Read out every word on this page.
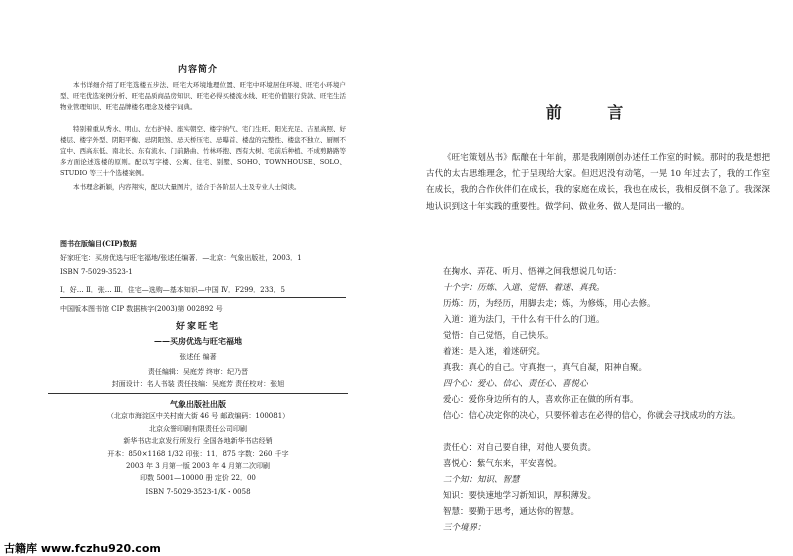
内容简介

本书详细介绍了旺宅选楼五步法、旺宅大环境地理位置、旺宅中环境居住环境、旺宅小环境户型、旺宅优选案例分析、旺宅品质商品房知识、旺宅必得买楼流水线、旺宅价值银行贷款、旺宅生活物业管理知识、旺宅品牌楼名理念及楼宇词典。

特别着重从秀水、明山、左右护持、座实朝空、楼宇纳气、宅门生旺、阳光充足、吉星高照、好楼层、楼宇外型、阴阳平衡、忌阴阳煞、忌天桥压宅、忌曝首、楼盘的完整性、楼盘不独立、厨厕不宜中、西高东低、南北长、东有流水、门前路曲、竹林环抱、西有大树、宅前后种植、不成剪路路等多方面论述选楼的原则。配以写字楼、公寓、住宅、别墅、SOHO、TOWNHOUSE、SOLO、STUDIO 等三十个选楼案例。

本书理念新颖，内容翔实，配以大量图片，适合于各阶层人士及专业人士阅读。

图书在版编目(CIP)数据
好家旺宅：买房优选与旺宅福地/张述任编著．—北京：气象出版社，2003．1
ISBN 7-5029-3523-1
Ⅰ．好… Ⅱ．张… Ⅲ．住宅—选购—基本知识—中国 Ⅳ．F299．233．5
中国版本图书馆 CIP 数据核字(2003)第 002892 号
好家旺宅
——买房优选与旺宅福地
张述任 编著
责任编辑：吴庭芳 终审：纪乃晋
封面设计：名人书装 责任技编：吴庭芳 责任校对：张旭
气象出版社出版
（北京市海淀区中关村南大街 46 号 邮政编码：100081）
北京众誉印刷有限责任公司印刷
新华书店北京发行所发行 全国各地新华书店经销
开本：850×1168 1/32 印张：11．875 字数：260 千字
2003 年 3 月第一版 2003 年 4 月第二次印刷
印数 5001—10000 册 定价 22．00
ISBN 7-5029-3523-1/K・0058
前 言

《旺宅策划丛书》酝酿在十年前，那是我刚刚创办述任工作室的时候。那时的我是想把古代的太古思维理念，忙于呈现给大家。但迟迟没有动笔，一晃 10 年过去了，我的工作室在成长，我的合作伙伴们在成长，我的家庭在成长，我也在成长，我相反倒不急了。我深深地认识到这十年实践的重要性。做学问、做业务、做人是同出一辙的。

在掬水、弄花、听月、悟禅之间我想说几句话：
十个字：历炼、入道、觉悟、着迷、真我。
历炼：历，为经历，用脚去走；炼，为修炼，用心去修。
入道：道为法门，干什么有干什么的门道。
觉悟：自己觉悟，自己快乐。
着迷：是入迷，着迷研究。
真我：真心的自己。守真抱一，真气自凝，阳神自聚。
四个心：爱心、信心、责任心、喜悦心
爱心：爱你身边所有的人，喜欢你正在做的所有事。
信心：信心决定你的决心，只要怀着志在必得的信心，你就会寻找成功的方法。
责任心：对自己要自律，对他人要负责。
喜悦心：紫气东来，平安喜悦。
二个知：知识、智慧
知识：要快速地学习新知识，厚积薄发。
智慧：要勤于思考，通达你的智慧。
三个境界：
古籍库 www.fczhu920.com
